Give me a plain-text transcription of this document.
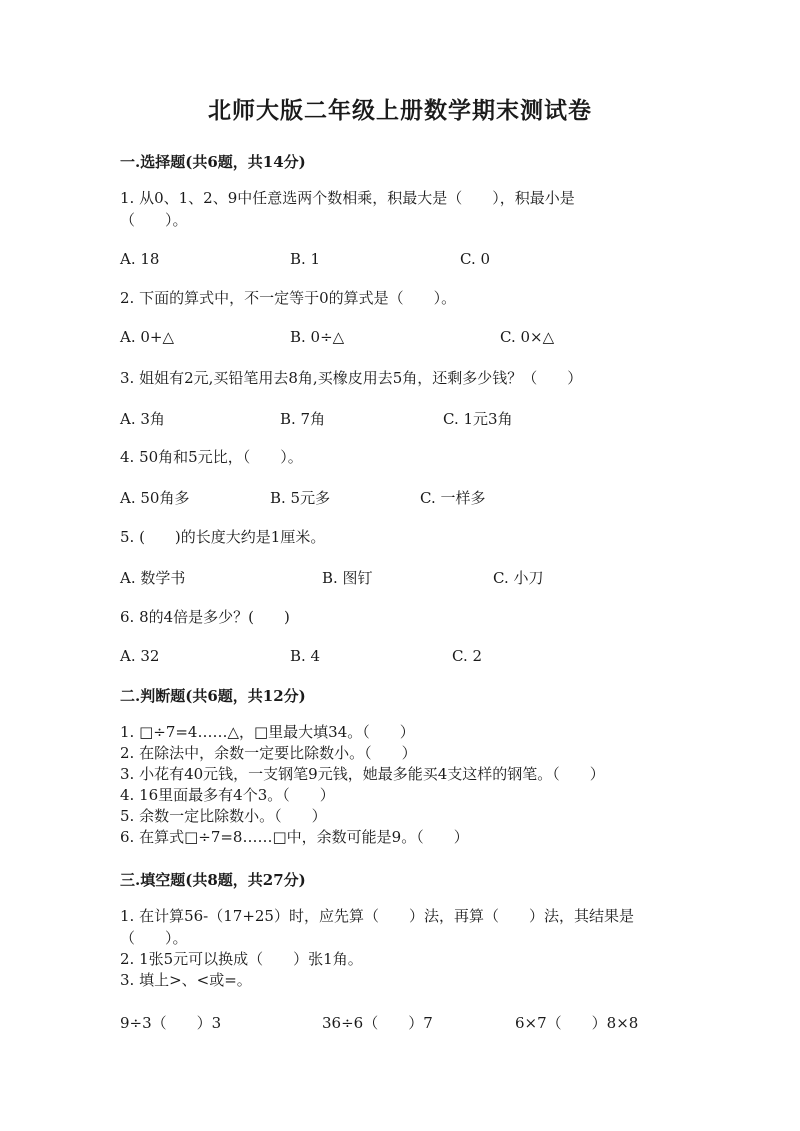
北师大版二年级上册数学期末测试卷
一.选择题(共6题，共14分)
1. 从0、1、2、9中任意选两个数相乘，积最大是（　　），积最小是
（　　）。
A. 18	B. 1	C. 0
2. 下面的算式中，不一定等于0的算式是（　　）。
A. 0+△	B. 0÷△	C. 0×△
3. 姐姐有2元,买铅笔用去8角,买橡皮用去5角，还剩多少钱？（　　）
A. 3角	B. 7角	C. 1元3角
4. 50角和5元比，（　　）。
A. 50角多	B. 5元多	C. 一样多
5. (　　)的长度大约是1厘米。
A. 数学书	B. 图钉	C. 小刀
6. 8的4倍是多少？(　　)
A. 32	B. 4	C. 2
二.判断题(共6题，共12分)
1. □÷7=4……△，□里最大填34。（　　）
2. 在除法中，余数一定要比除数小。（　　）
3. 小花有40元钱，一支钢笔9元钱，她最多能买4支这样的钢笔。（　　）
4. 16里面最多有4个3。（　　）
5. 余数一定比除数小。（　　）
6. 在算式□÷7=8……□中，余数可能是9。（　　）
三.填空题(共8题，共27分)
1. 在计算56-（17+25）时，应先算（　　）法，再算（　　）法，其结果是
（　　）。
2. 1张5元可以换成（　　）张1角。
3. 填上>、<或=。
9÷3（　　）3	36÷6（　　）7	6×7（　　）8×8
